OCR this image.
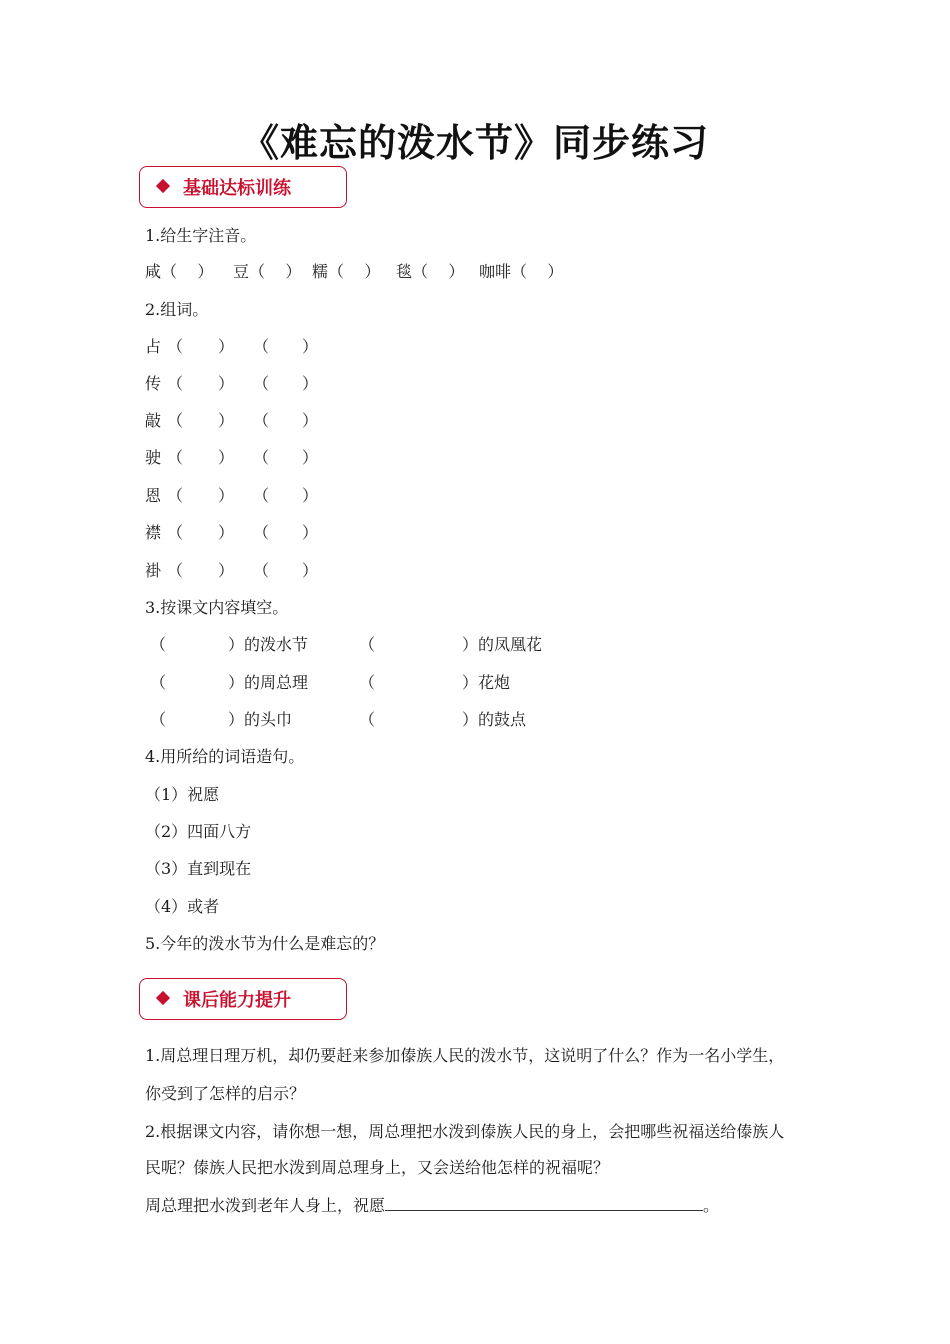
《难忘的泼水节》同步练习
基础达标训练
1.给生字注音。
咸（    ） 豆（    ） 糯（    ） 毯（    ） 咖啡（    ）
2.组词。
占 （ ） （ ）
传 （ ） （ ）
敲 （ ） （ ）
驶 （ ） （ ）
恩 （ ） （ ）
襟 （ ） （ ）
褂 （ ） （ ）
3.按课文内容填空。
（	）的泼水节	（	）的凤凰花
（	）的周总理	（	）花炮
（	）的头巾	（	）的鼓点
4.用所给的词语造句。
（1）祝愿
（2）四面八方
（3）直到现在
（4）或者
5.今年的泼水节为什么是难忘的？
课后能力提升
1.周总理日理万机，却仍要赶来参加傣族人民的泼水节，这说明了什么？作为一名小学生，
你受到了怎样的启示？
2.根据课文内容，请你想一想，周总理把水泼到傣族人民的身上，会把哪些祝福送给傣族人
民呢？傣族人民把水泼到周总理身上，又会送给他怎样的祝福呢？
周总理把水泼到老年人身上，祝愿	。
